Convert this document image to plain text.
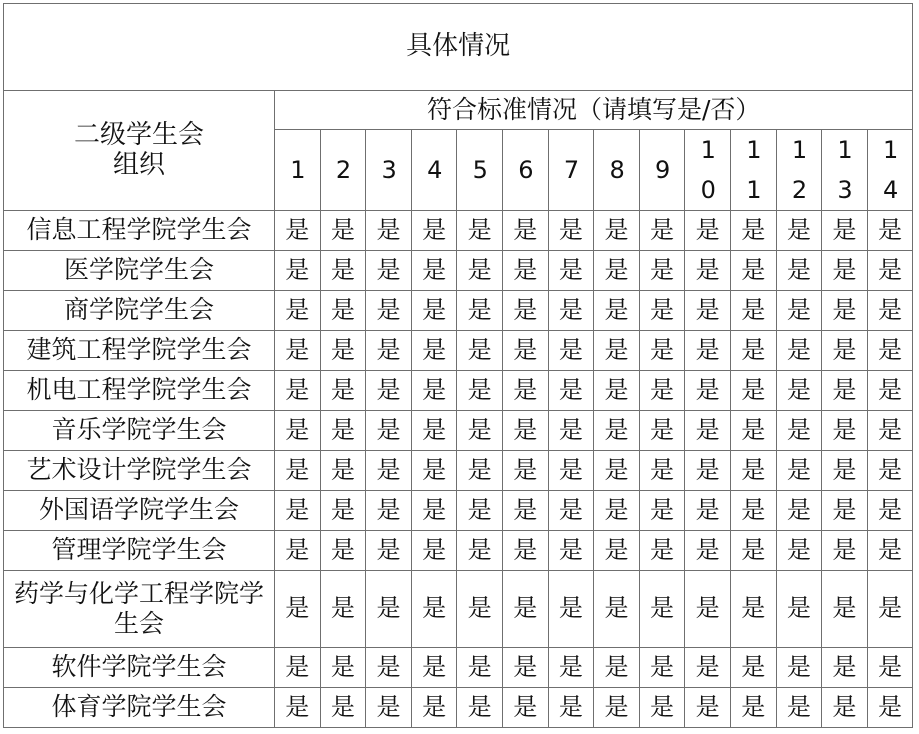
具体情况														
二级学生会
组织	符合标准情况（请填写是/否）													
	1	2	3	4	5	6	7	8	9	10	11	12	13	14
信息工程学院学生会	是	是	是	是	是	是	是	是	是	是	是	是	是	是
医学院学生会	是	是	是	是	是	是	是	是	是	是	是	是	是	是
商学院学生会	是	是	是	是	是	是	是	是	是	是	是	是	是	是
建筑工程学院学生会	是	是	是	是	是	是	是	是	是	是	是	是	是	是
机电工程学院学生会	是	是	是	是	是	是	是	是	是	是	是	是	是	是
音乐学院学生会	是	是	是	是	是	是	是	是	是	是	是	是	是	是
艺术设计学院学生会	是	是	是	是	是	是	是	是	是	是	是	是	是	是
外国语学院学生会	是	是	是	是	是	是	是	是	是	是	是	是	是	是
管理学院学生会	是	是	是	是	是	是	是	是	是	是	是	是	是	是
药学与化学工程学院学生会	是	是	是	是	是	是	是	是	是	是	是	是	是	是
软件学院学生会	是	是	是	是	是	是	是	是	是	是	是	是	是	是
体育学院学生会	是	是	是	是	是	是	是	是	是	是	是	是	是	是
